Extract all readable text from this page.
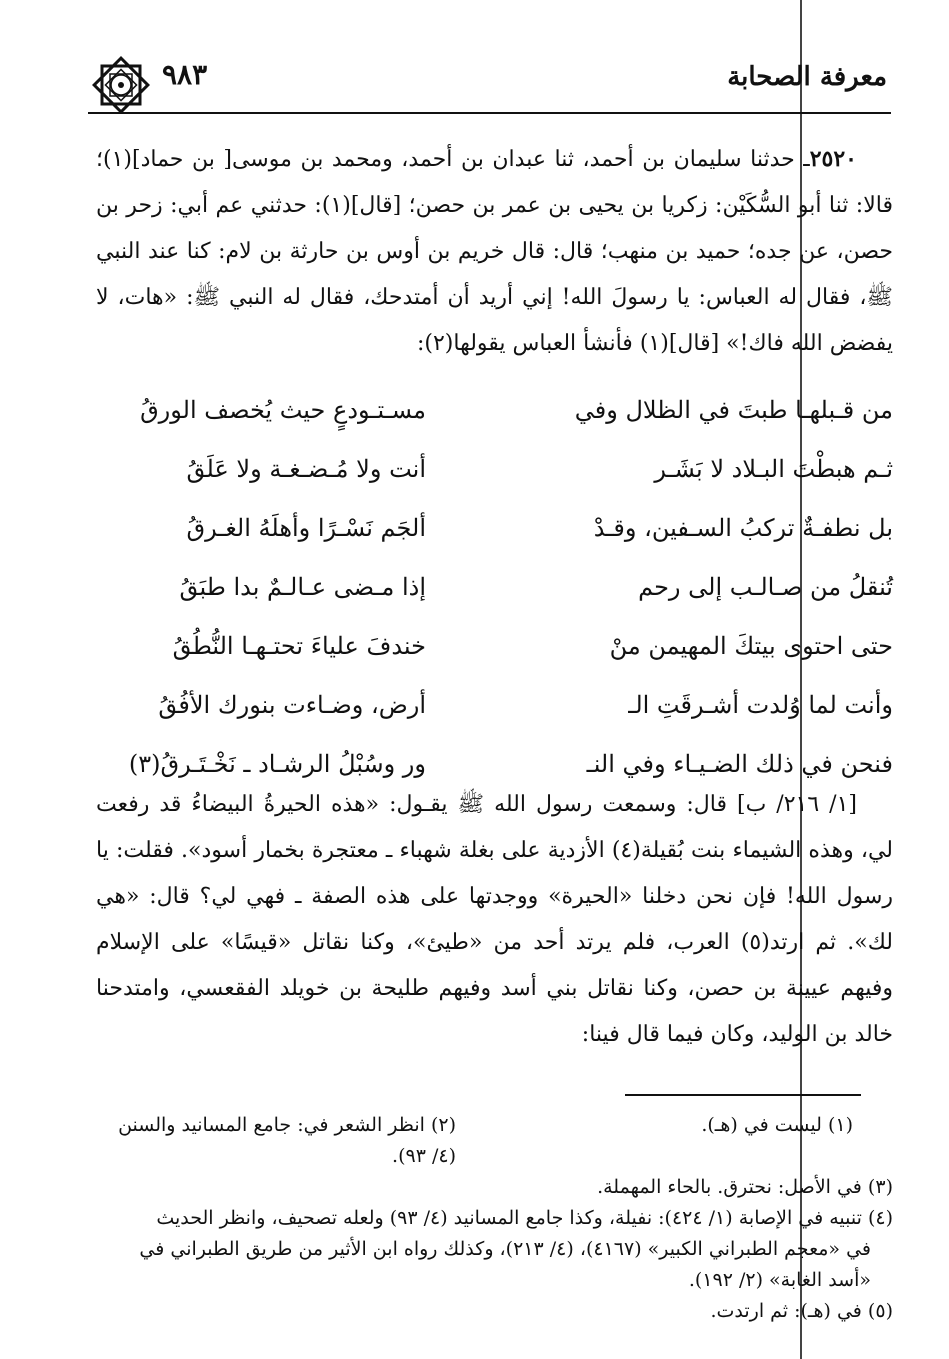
معرفة الصحابة
٩٨٣
٢٥٢٠ـ حدثنا سليمان بن أحمد، ثنا عبدان بن أحمد، ومحمد بن موسى[ بن حماد](١)؛ قالا: ثنا أبو السُّكَيْن: زكريا بن يحيى بن عمر بن حصن؛ [قال](١): حدثني عم أبي: زحر بن حصن، عن جده؛ حميد بن منهب؛ قال: قال خريم بن أوس بن حارثة بن لام: كنا عند النبي ﷺ، فقال له العباس: يا رسولَ الله! إني أريد أن أمتدحك، فقال له النبي ﷺ: «هات، لا يفضض الله فاك!» [قال](١) فأنشأ العباس يقولها(٢):
من قـبلهـا طبتَ في الظلال وفي
مسـتـودعٍ حيث يُخصف الورقُ
ثـم هبطْتَ البـلاد لا بَشَـر
أنت ولا مُـضـغـة ولا عَلَقُ
بل نطفـةٌ تركبُ السـفين، وقـدْ
ألجَم نَسْـرًا وأهلَهُ الغـرقُ
تُنقلُ من صـالـب إلى رحم
إذا مـضى عـالـمٌ بدا طبَقُ
حتى احتوى بيتكَ المهيمن منْ
خندفَ علياءَ تحتـهـا النُّطُقُ
وأنت لما وُلدت أشـرقَتِ الـ
أرض، وضـاءت بنورك الأفُقُ
فنحن في ذلك الضـيـاء وفي النـ
ور وسُبْلُ الرشـاد ـ نَخْـتَـرقُ(٣)
[١/ ٢١٦/ ب] قال: وسمعت رسول الله ﷺ يقـول: «هذه الحيرةُ البيضاءُ قد رفعت لي، وهذه الشيماء بنت بُقيلة(٤) الأزدية على بغلة شهباء ـ معتجرة بخمار أسود». فقلت: يا رسول الله! فإن نحن دخلنا «الحيرة» ووجدتها على هذه الصفة ـ فهي لي؟ قال: «هي لك». ثم ارتد(٥) العرب، فلم يرتد أحد من «طيئ»، وكنا نقاتل «قيسًا» على الإسلام وفيهم عيينة بن حصن، وكنا نقاتل بني أسد وفيهم طليحة بن خويلد الفقعسي، وامتدحنا خالد بن الوليد، وكان فيما قال فينا:
(١) ليست في (هـ).
(٢) انظر الشعر في: جامع المسانيد والسنن (٤/ ٩٣).
(٣) في الأصل: نحترق. بالحاء المهملة.
(٤) تنبيه في الإصابة (١/ ٤٢٤): نفيلة، وكذا جامع المسانيد (٤/ ٩٣) ولعله تصحيف، وانظر الحديث
في «معجم الطبراني الكبير» (٤١٦٧)، (٤/ ٢١٣)، وكذلك رواه ابن الأثير من طريق الطبراني في
«أسد الغابة» (٢/ ١٩٢).
(٥) في (هـ): ثم ارتدت.
